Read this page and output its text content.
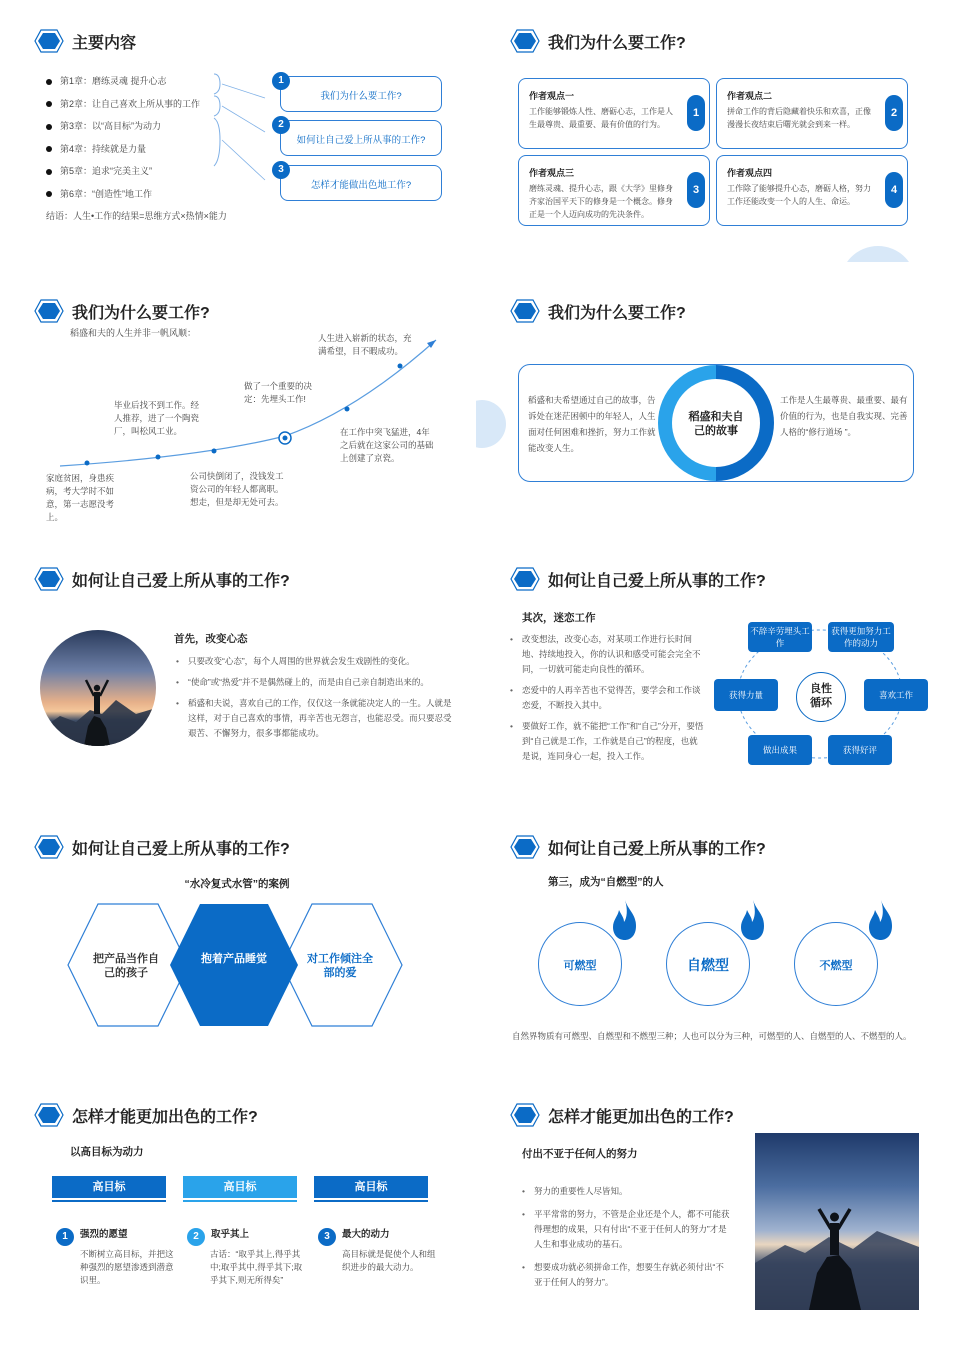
主要内容
第1章：磨练灵魂 提升心志
第2章：让自己喜欢上所从事的工作
第3章：以“高目标”为动力
第4章：持续就是力量
第5章：追求“完美主义”
第6章：“创造性”地工作
结语：人生•工作的结果=思维方式×热情×能力
我们为什么要工作?
1
如何让自己爱上所从事的工作?
2
怎样才能做出色地工作?
3
我们为什么要工作?
作者观点一
工作能够锻炼人性、磨砺心志，工作是人生最尊贵、最重要、最有价值的行为。
1
作者观点二
拼命工作的背后隐藏着快乐和欢喜，正像漫漫长夜结束后曙光就会到来一样。
2
作者观点三
磨练灵魂、提升心志，跟《大学》里修身齐家治国平天下的修身是一个概念。修身正是一个人迈向成功的先决条件。
3
作者观点四
工作除了能够提升心态，磨砺人格，努力工作还能改变一个人的人生、命运。
4
我们为什么要工作?
稻盛和夫的人生并非一帆风顺：
家庭贫困，身患疾病，考大学时不如意，第一志愿没考上。
毕业后找不到工作。经人推荐，进了一个陶瓷厂，叫松风工业。
公司快倒闭了，没钱发工资公司的年轻人都离职。想走，但是却无处可去。
做了一个重要的决定：先埋头工作!
在工作中突飞猛进，4年之后就在这家公司的基础上创建了京瓷。
人生进入崭新的状态，充满希望，目不暇成功。
我们为什么要工作?
稻盛和夫希望通过自己的故事，告诉处在迷茫困顿中的年轻人，人生面对任何困难和挫折，努力工作就能改变人生。
稻盛和夫自己的故事
工作是人生最尊贵、最重要、最有价值的行为，也是自我实现、完善人格的“修行道场 ”。
如何让自己爱上所从事的工作?
首先，改变心态
• 只要改变“心态”，每个人周围的世界就会发生戏剧性的变化。
• “使命”或“热爱”并不是偶然碰上的，而是由自己亲自制造出来的。
• 稻盛和夫说，喜欢自己的工作，仅仅这一条就能决定人的一生。人就是这样，对于自己喜欢的事情，再辛苦也无怨言，也能忍受。而只要忍受艰苦、不懈努力，很多事都能成功。
如何让自己爱上所从事的工作?
其次，迷恋工作
• 改变想法，改变心态，对某项工作进行长时间地、持续地投入，你的认识和感受可能会完全不同，一切就可能走向良性的循环。
• 恋爱中的人再辛苦也不觉得苦，要学会和工作谈恋爱，不断投入其中。
• 要做好工作，就不能把“工作”和“自己”分开，要悟到“自己就是工作，工作就是自己”的程度，也就是说，连同身心一起，投入工作。
良性循环
不辞辛劳埋头工作
获得更加努力工作的动力
喜欢工作
获得好评
做出成果
获得力量
如何让自己爱上所从事的工作?
“水冷复式水管”的案例
把产品当作自己的孩子
抱着产品睡觉	对工作倾注全部的爱
如何让自己爱上所从事的工作?
第三，成为“自燃型”的人
可燃型	自燃型	不燃型
自然界物质有可燃型、自燃型和不燃型三种；人也可以分为三种，可燃型的人、自燃型的人、不燃型的人。
怎样才能更加出色的工作?
以高目标为动力
高目标
1	强烈的愿望
不断树立高目标，并把这种强烈的愿望渗透到潜意识里。
高目标
2	取乎其上
古话：“取乎其上,得乎其中;取乎其中,得乎其下;取乎其下,则无所得矣”
高目标
3	最大的动力
高目标就是促使个人和组织进步的最大动力。
怎样才能更加出色的工作?
付出不亚于任何人的努力
• 努力的重要性人尽皆知。
• 平平常常的努力，不管是企业还是个人，都不可能获得理想的成果，只有付出“不亚于任何人的努力”才是人生和事业成功的基石。
• 想要成功就必须拼命工作，想要生存就必须付出“不亚于任何人的努力”。
